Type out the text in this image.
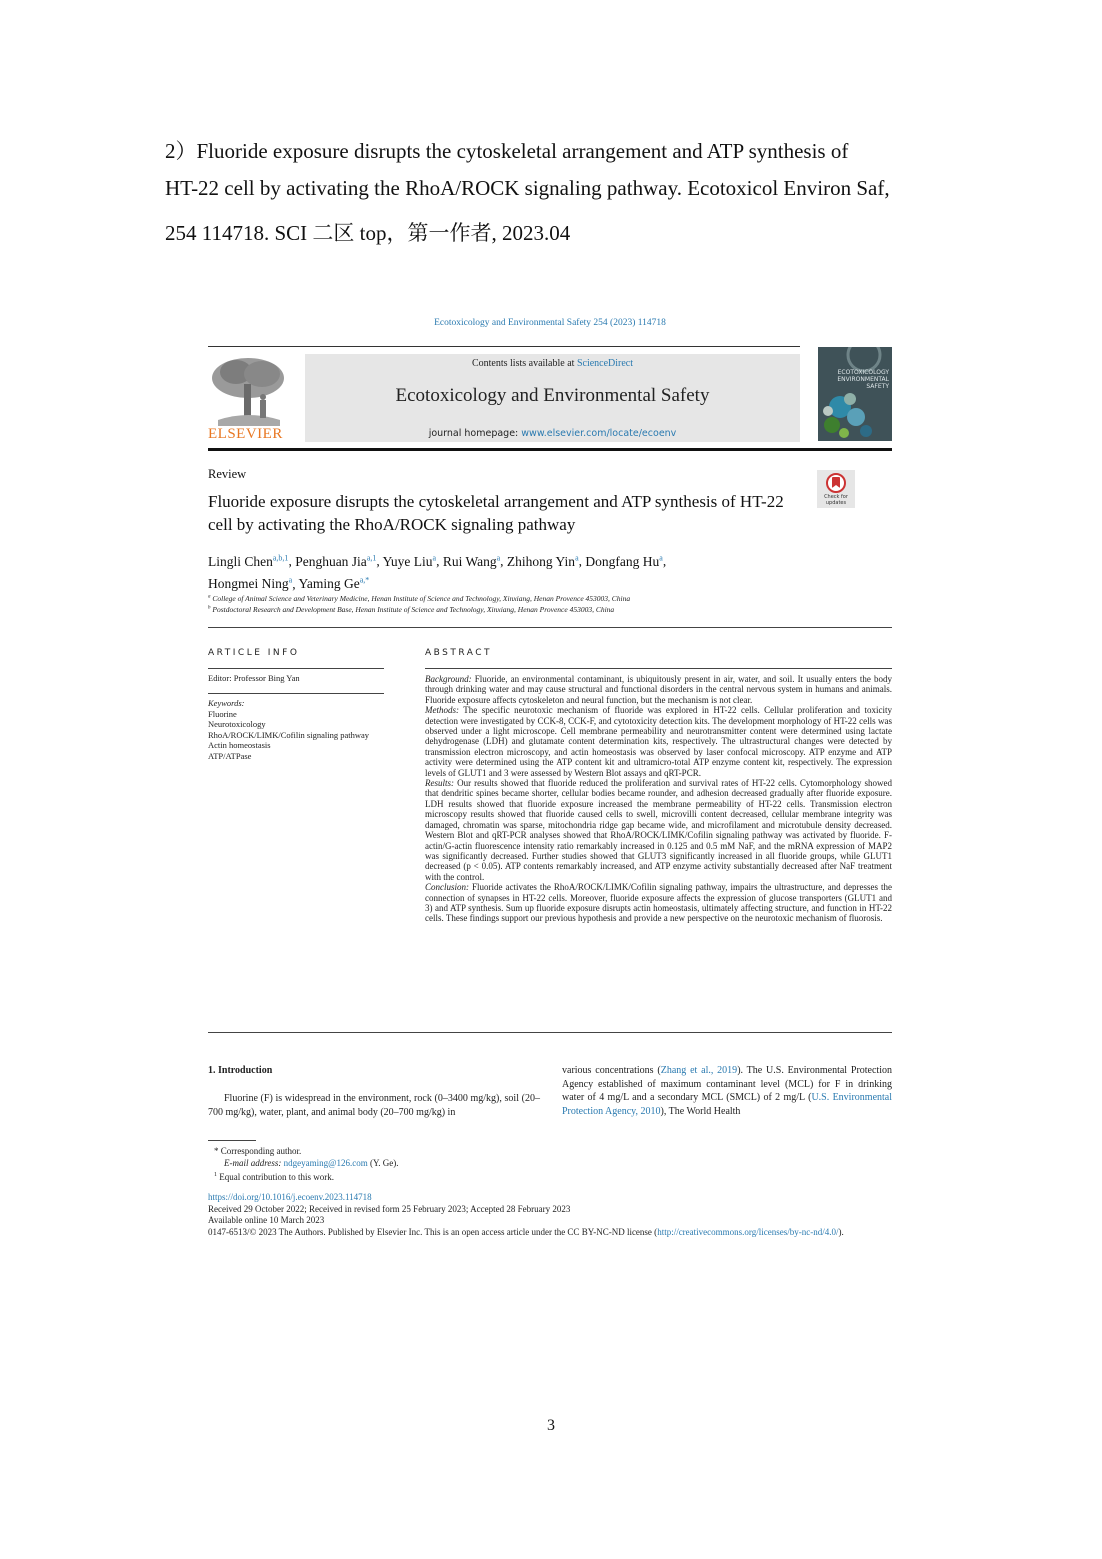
2）Fluoride exposure disrupts the cytoskeletal arrangement and ATP synthesis of
HT-22 cell by activating the RhoA/ROCK signaling pathway. Ecotoxicol Environ Saf,
254 114718. SCI 二区 top，第一作者, 2023.04
Ecotoxicology and Environmental Safety 254 (2023) 114718
ELSEVIER
Contents lists available at ScienceDirect
Ecotoxicology and Environmental Safety
journal homepage: www.elsevier.com/locate/ecoenv
ECOTOXICOLOGY
ENVIRONMENTAL
SAFETY
Review
Fluoride exposure disrupts the cytoskeletal arrangement and ATP synthesis of HT-22 cell by activating the RhoA/ROCK signaling pathway
Check for updates
Lingli Chen$^{a,b,1}$, Penghuan Jia$^{a,1}$, Yuye Liu$^a$, Rui Wang$^a$, Zhihong Yin$^a$, Dongfang Hu$^a$,
Hongmei Ning$^a$, Yaming $Ge^{a,*}$
$^a$ College of Animal Science and Veterinary Medicine, Henan Institute of Science and Technology, Xinxiang, Henan Provence 453003, China
$^b$ Postdoctoral Research and Development Base, Henan Institute of Science and Technology, Xinxiang, Henan Provence 453003, China
ARTICLE INFO	ABSTRACT
Editor: Professor Bing Yan
Keywords:
Fluorine
Neurotoxicology
RhoA/ROCK/LIMK/Cofilin signaling pathway
Actin homeostasis
ATP/ATPase

Background: Fluoride, an environmental contaminant, is ubiquitously present in air, water, and soil. It usually enters the body through drinking water and may cause structural and functional disorders in the central nervous system in humans and animals. Fluoride exposure affects cytoskeleton and neural function, but the mechanism is not clear.

Methods: The specific neurotoxic mechanism of fluoride was explored in HT-22 cells. Cellular proliferation and toxicity detection were investigated by CCK-8, CCK-F, and cytotoxicity detection kits. The development morphology of HT-22 cells was observed under a light microscope. Cell membrane permeability and neurotransmitter content were determined using lactate dehydrogenase (LDH) and glutamate content determination kits, respectively. The ultrastructural changes were detected by transmission electron microscopy, and actin homeostasis was observed by laser confocal microscopy. ATP enzyme and ATP activity were determined using the ATP content kit and ultramicro-total ATP enzyme content kit, respectively. The expression levels of GLUT1 and 3 were assessed by Western Blot assays and qRT-PCR.

Results: Our results showed that fluoride reduced the proliferation and survival rates of HT-22 cells. Cytomorphology showed that dendritic spines became shorter, cellular bodies became rounder, and adhesion decreased gradually after fluoride exposure. LDH results showed that fluoride exposure increased the membrane permeability of HT-22 cells. Transmission electron microscopy results showed that fluoride caused cells to swell, microvilli content decreased, cellular membrane integrity was damaged, chromatin was sparse, mitochondria ridge gap became wide, and microfilament and microtubule density decreased. Western Blot and qRT-PCR analyses showed that RhoA/ROCK/LIMK/Cofilin signaling pathway was activated by fluoride. F-actin/G-actin fluorescence intensity ratio remarkably increased in 0.125 and 0.5 mM NaF, and the mRNA expression of MAP2 was significantly decreased. Further studies showed that GLUT3 significantly increased in all fluoride groups, while GLUT1 decreased (p < 0.05). ATP contents remarkably increased, and ATP enzyme activity substantially decreased after NaF treatment with the control.

Conclusion: Fluoride activates the RhoA/ROCK/LIMK/Cofilin signaling pathway, impairs the ultrastructure, and depresses the connection of synapses in HT-22 cells. Moreover, fluoride exposure affects the expression of glucose transporters (GLUT1 and 3) and ATP synthesis. Sum up fluoride exposure disrupts actin homeostasis, ultimately affecting structure, and function in HT-22 cells. These findings support our previous hypothesis and provide a new perspective on the neurotoxic mechanism of fluorosis.

1. Introduction
Fluorine (F) is widespread in the environment, rock (0–3400 mg/kg), soil (20–700 mg/kg), water, plant, and animal body (20–700 mg/kg) in
various concentrations (Zhang et al., 2019). The U.S. Environmental Protection Agency established of maximum contaminant level (MCL) for F in drinking water of 4 mg/L and a secondary MCL (SMCL) of 2 mg/L (U.S. Environmental Protection Agency, 2010), The World Health
* Corresponding author.
E-mail address: ndgeyaming@126.com (Y. Ge).
$^1$ Equal contribution to this work.
https://doi.org/10.1016/j.ecoenv.2023.114718
Received 29 October 2022; Received in revised form 25 February 2023; Accepted 28 February 2023
Available online 10 March 2023
0147-6513/© 2023 The Authors. Published by Elsevier Inc. This is an open access article under the CC BY-NC-ND license (http://creativecommons.org/licenses/by-nc-nd/4.0/).
3
